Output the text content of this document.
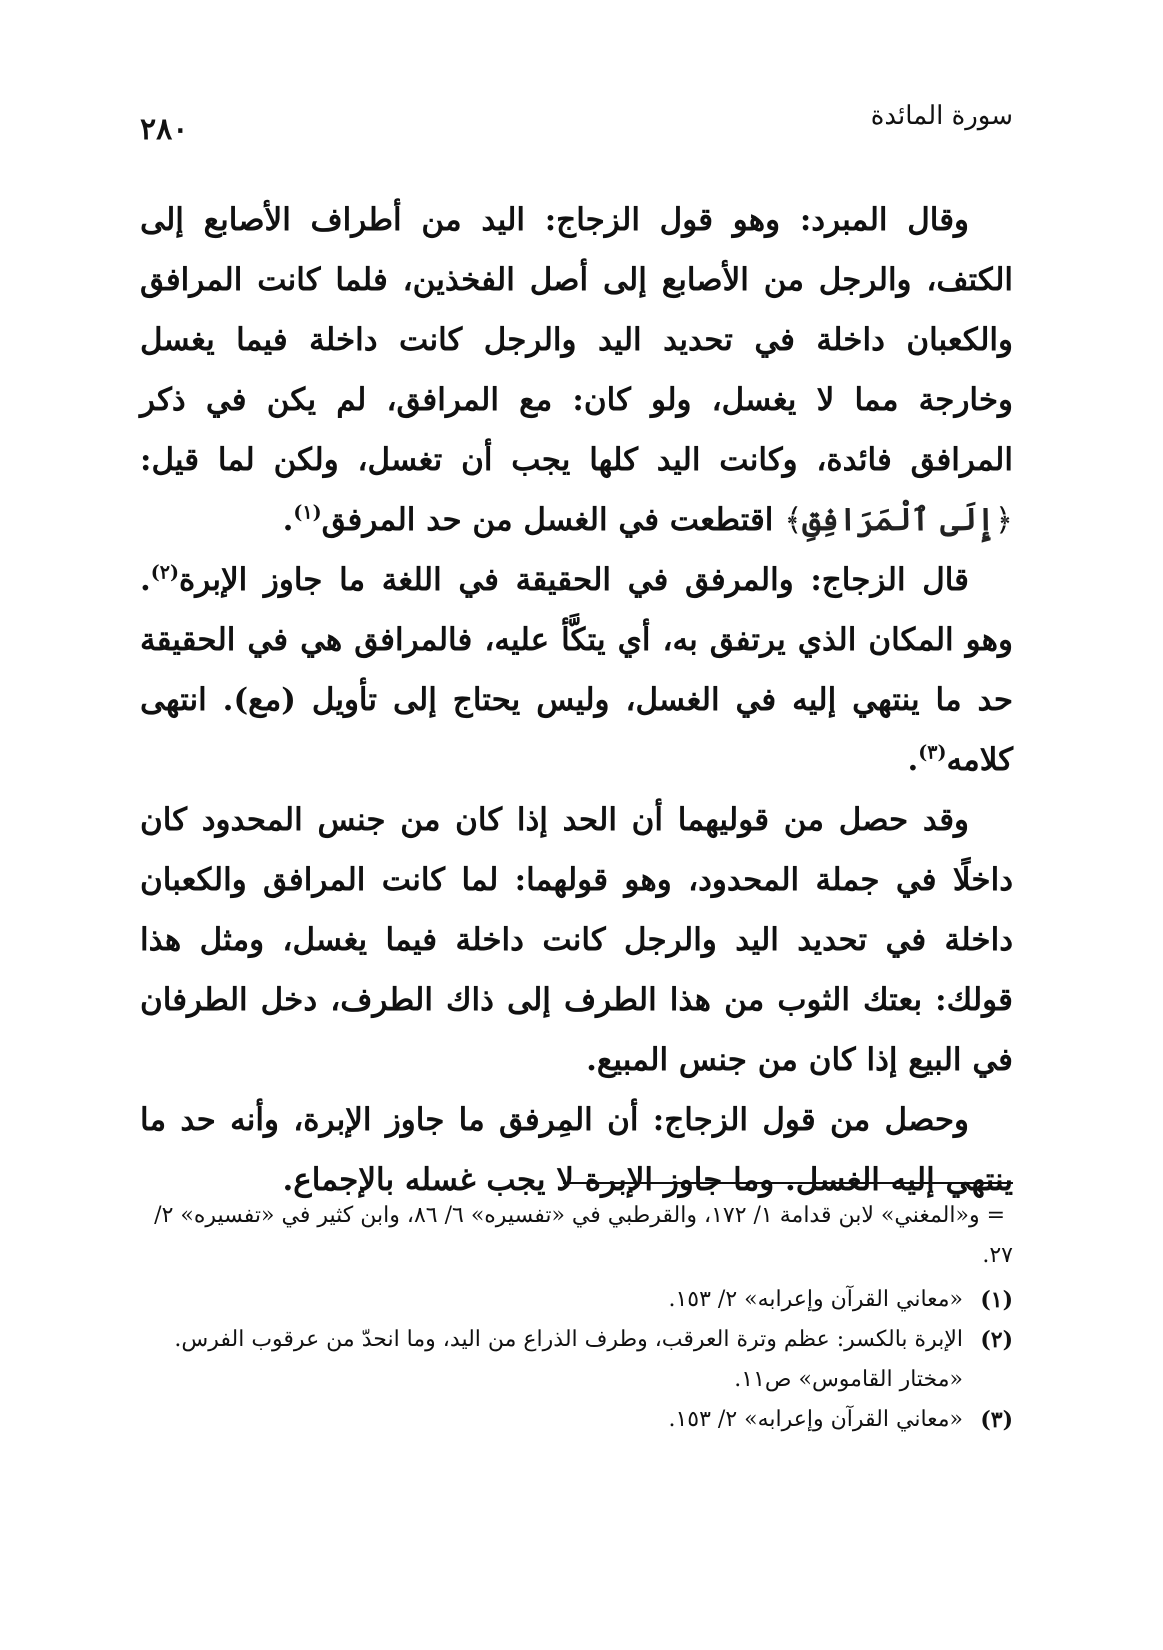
سورة المائدة
٢٨٠

وقال المبرد: وهو قول الزجاج: اليد من أطراف الأصابع إلى الكتف، والرجل من الأصابع إلى أصل الفخذين، فلما كانت المرافق والكعبان داخلة في تحديد اليد والرجل كانت داخلة فيما يغسل وخارجة مما لا يغسل، ولو كان: مع المرافق، لم يكن في ذكر المرافق فائدة، وكانت اليد كلها يجب أن تغسل، ولكن لما قيل: ﴿إِلَى ٱلْمَرَافِقِ﴾ اقتطعت في الغسل من حد المرفق$^{(١)}$.

قال الزجاج: والمرفق في الحقيقة في اللغة ما جاوز الإبرة$^{(٢)}$. وهو المكان الذي يرتفق به، أي يتكَّأ عليه، فالمرافق هي في الحقيقة حد ما ينتهي إليه في الغسل، وليس يحتاج إلى تأويل (مع). انتهى كلامه$^{(٣)}$.

وقد حصل من قوليهما أن الحد إذا كان من جنس المحدود كان داخلًا في جملة المحدود، وهو قولهما: لما كانت المرافق والكعبان داخلة في تحديد اليد والرجل كانت داخلة فيما يغسل، ومثل هذا قولك: بعتك الثوب من هذا الطرف إلى ذاك الطرف، دخل الطرفان في البيع إذا كان من جنس المبيع.

وحصل من قول الزجاج: أن المِرفق ما جاوز الإبرة، وأنه حد ما ينتهي إليه الغسل. وما جاوز الإبرة لا يجب غسله بالإجماع.

= و«المغني» لابن قدامة ١/ ١٧٢، والقرطبي في «تفسيره» ٦/ ٨٦، وابن كثير في «تفسيره» ٢/ ٢٧.

(١)
«معاني القرآن وإعرابه» ٢/ ١٥٣.
(٢)
الإبرة بالكسر: عظم وترة العرقب، وطرف الذراع من اليد، وما انحدّ من عرقوب الفرس. «مختار القاموس» ص١١.
(٣)
«معاني القرآن وإعرابه» ٢/ ١٥٣.
